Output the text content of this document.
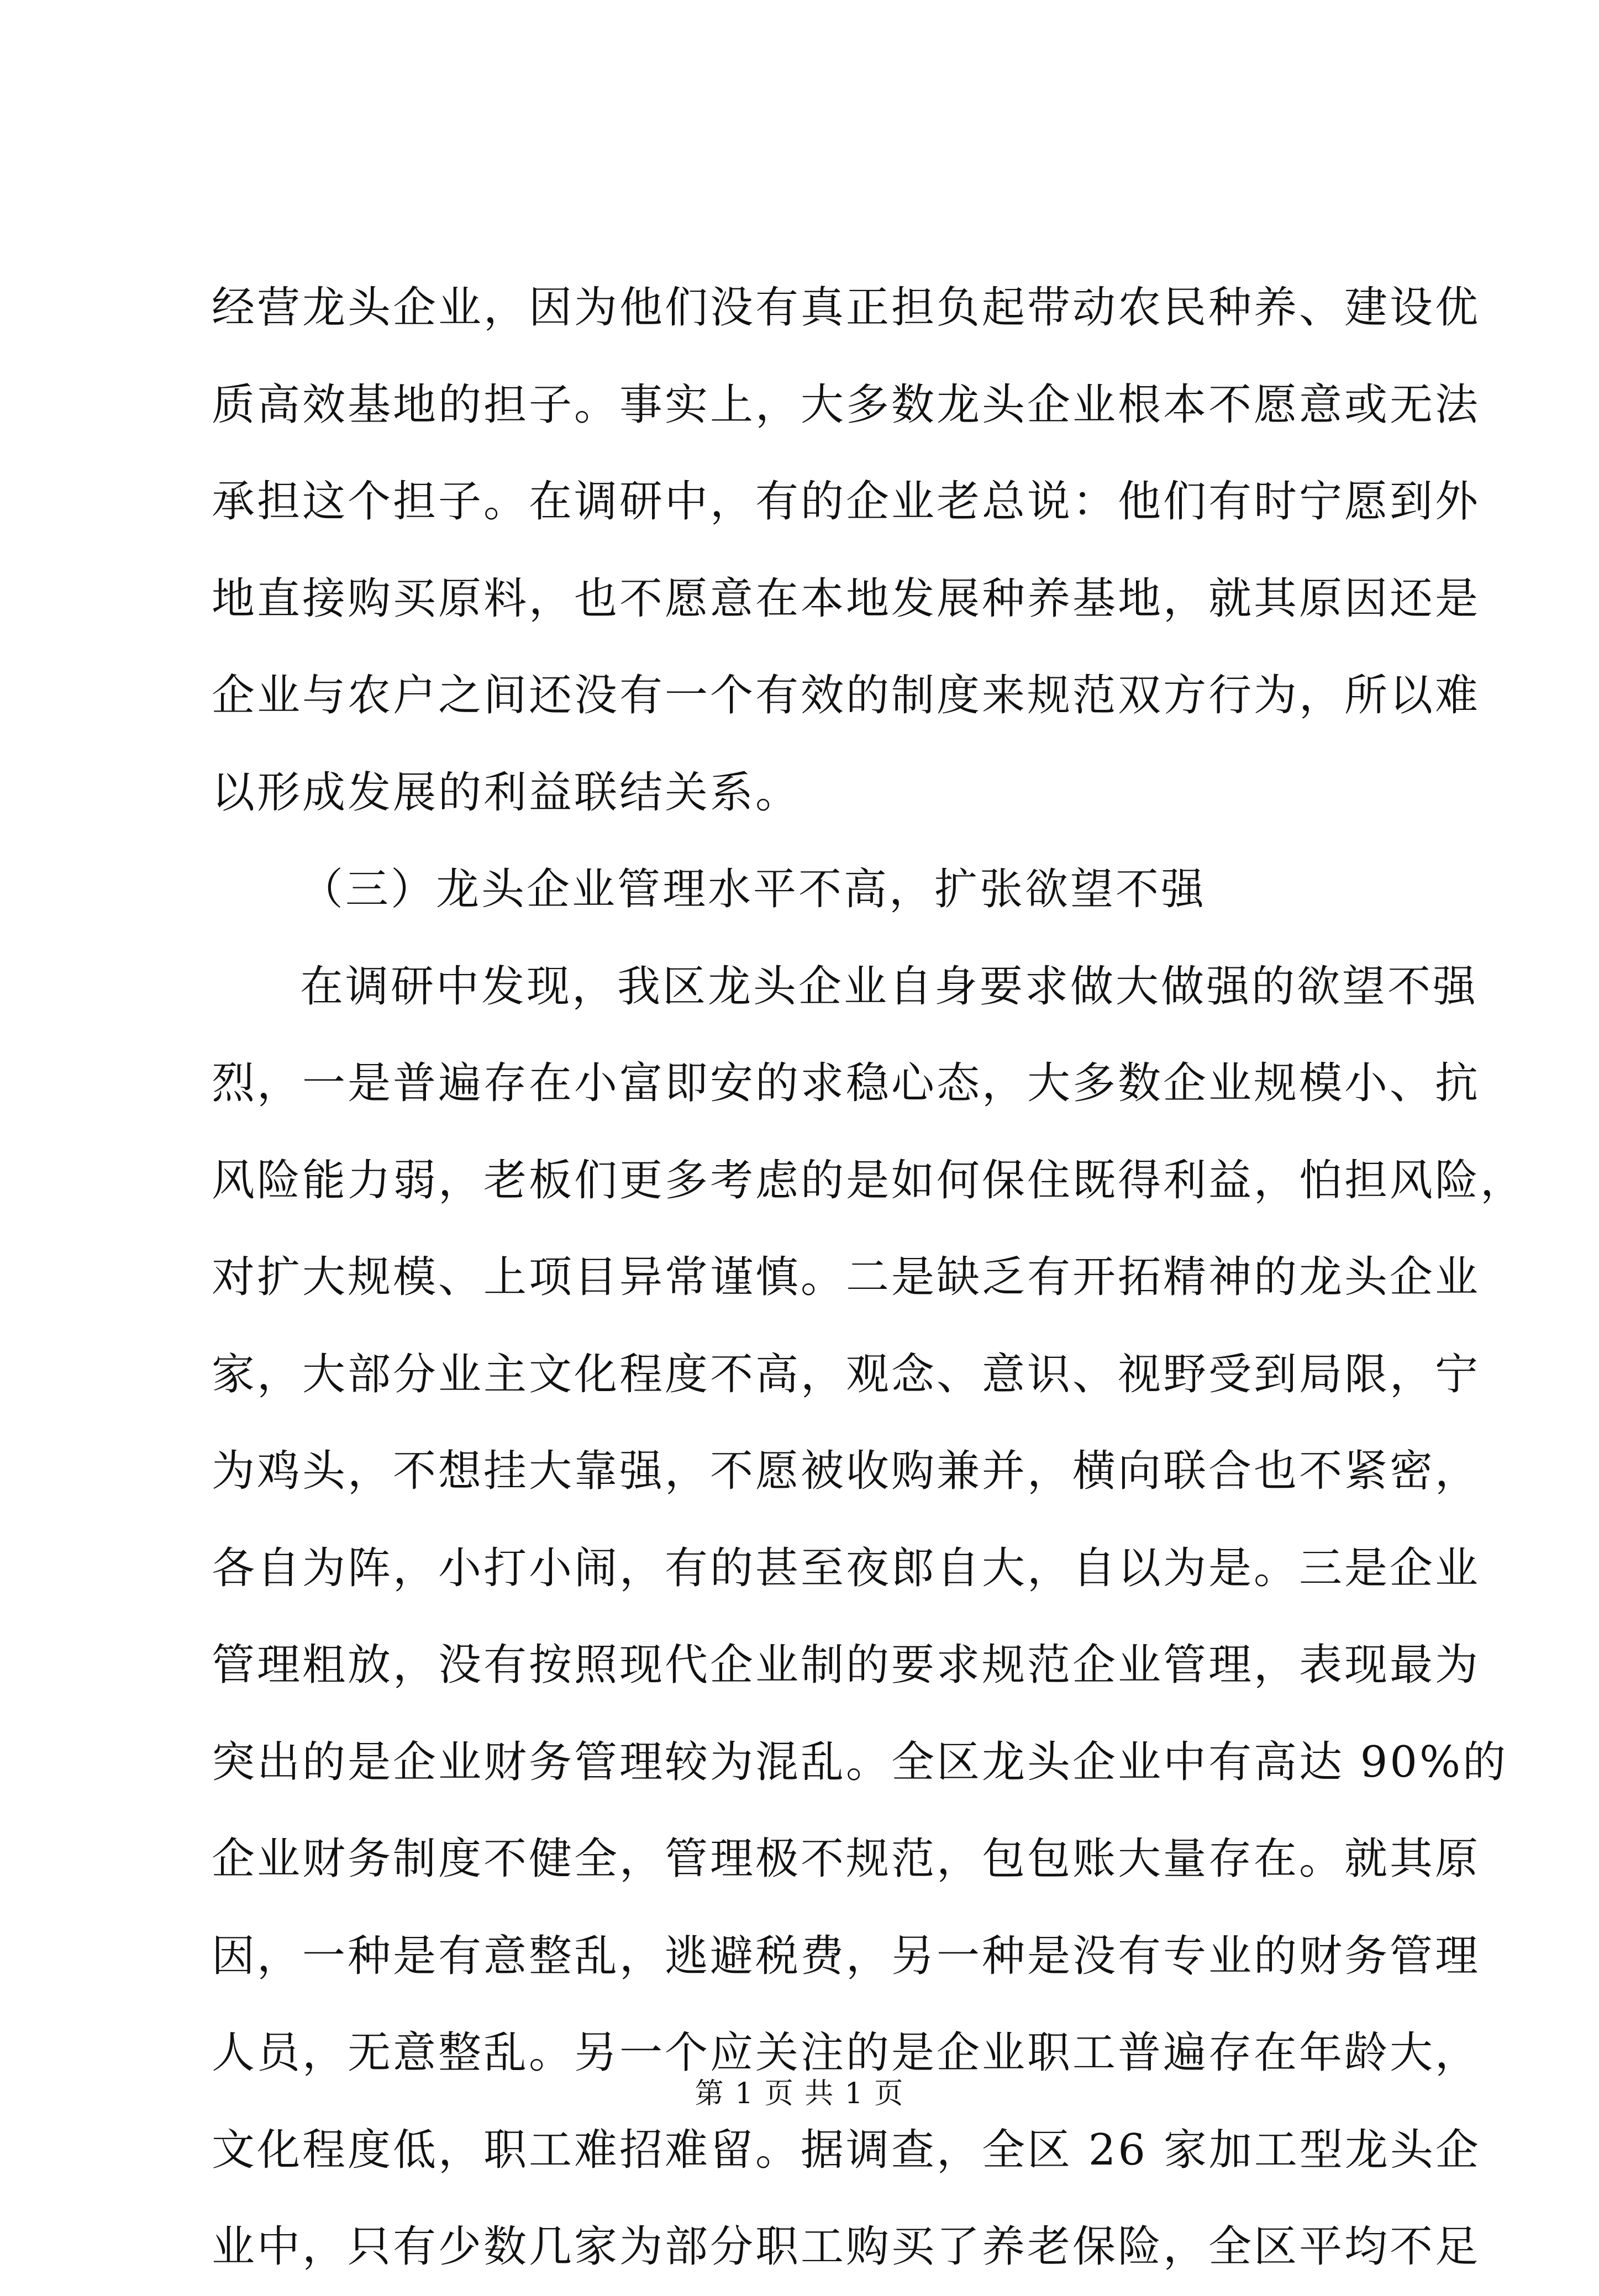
经营龙头企业，因为他们没有真正担负起带动农民种养、建设优
质高效基地的担子。事实上，大多数龙头企业根本不愿意或无法
承担这个担子。在调研中，有的企业老总说：他们有时宁愿到外
地直接购买原料，也不愿意在本地发展种养基地，就其原因还是
企业与农户之间还没有一个有效的制度来规范双方行为，所以难
以形成发展的利益联结关系。
（三）龙头企业管理水平不高，扩张欲望不强
在调研中发现，我区龙头企业自身要求做大做强的欲望不强
烈，一是普遍存在小富即安的求稳心态，大多数企业规模小、抗
风险能力弱，老板们更多考虑的是如何保住既得利益，怕担风险，
对扩大规模、上项目异常谨慎。二是缺乏有开拓精神的龙头企业
家，大部分业主文化程度不高，观念、意识、视野受到局限，宁
为鸡头，不想挂大靠强，不愿被收购兼并，横向联合也不紧密，
各自为阵，小打小闹，有的甚至夜郎自大，自以为是。三是企业
管理粗放，没有按照现代企业制的要求规范企业管理，表现最为
突出的是企业财务管理较为混乱。全区龙头企业中有高达 90%的
企业财务制度不健全，管理极不规范，包包账大量存在。就其原
因，一种是有意整乱，逃避税费，另一种是没有专业的财务管理
人员，无意整乱。另一个应关注的是企业职工普遍存在年龄大，
文化程度低，职工难招难留。据调查，全区 26 家加工型龙头企
业中，只有少数几家为部分职工购买了养老保险，全区平均不足
第 1 页 共 1 页
